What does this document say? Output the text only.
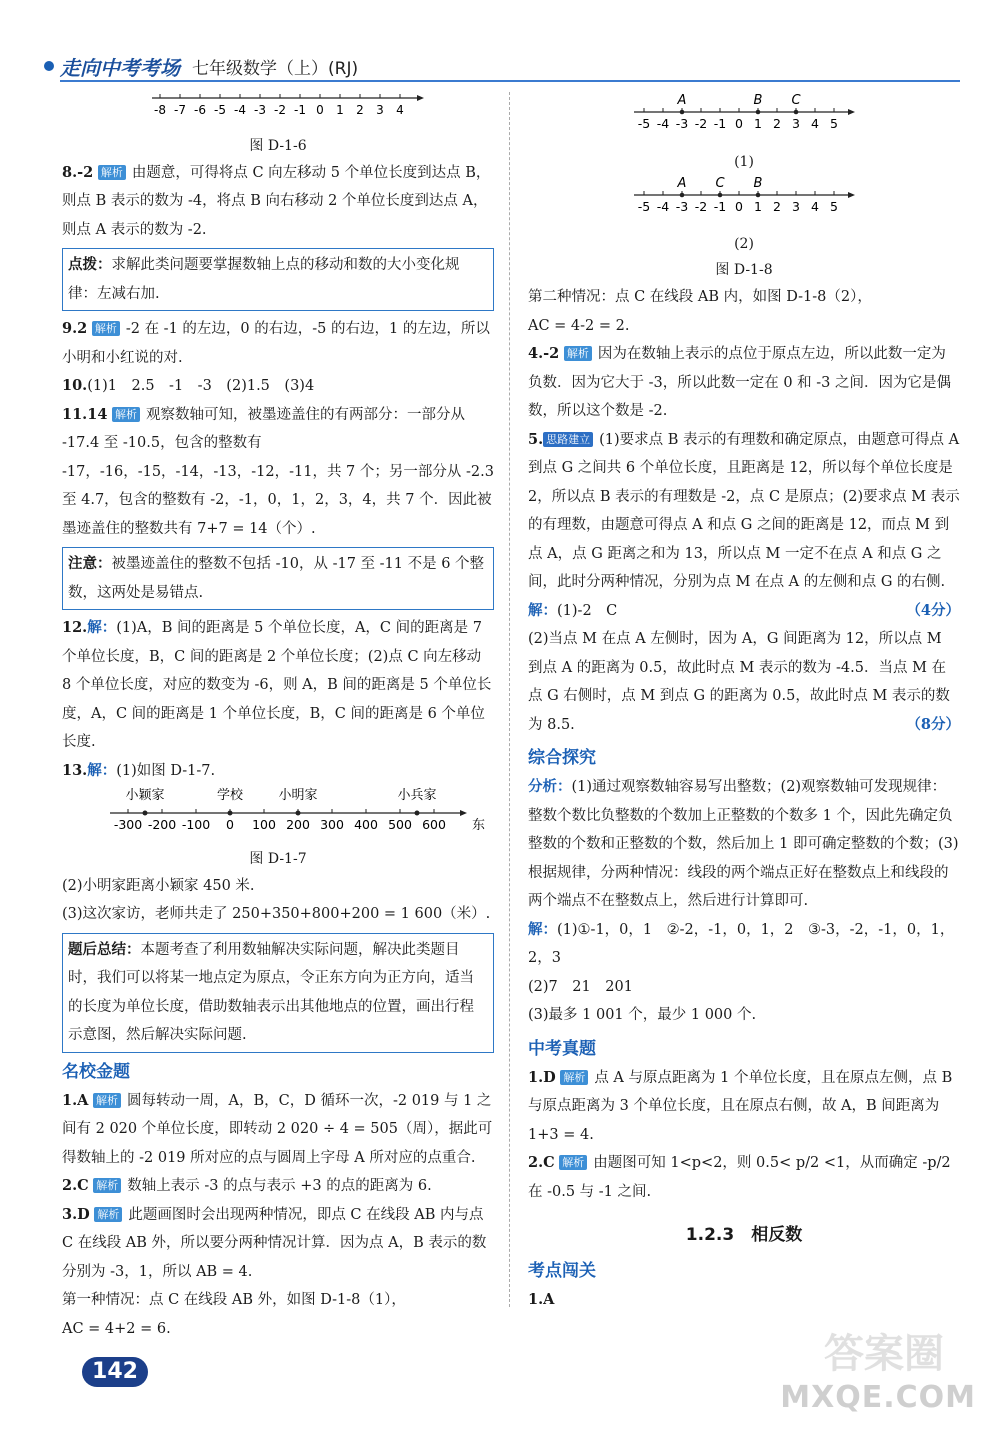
走向中考考场 七年级数学（上）(RJ)
-8 -7 -6 -5 -4 -3 -2 -1 0 1 2 3 4
图 D-1-6

8.-2 解析 由题意，可得将点 C 向左移动 5 个单位长度到达点 B，则点 B 表示的数为 -4，将点 B 向右移动 2 个单位长度到达点 A，则点 A 表示的数为 -2.

点拨：求解此类问题要掌握数轴上点的移动和数的大小变化规律：左减右加.

9.2 解析 -2 在 -1 的左边，0 的右边，-5 的右边，1 的左边，所以小明和小红说的对.

10.(1)1　2.5　-1　-3　(2)1.5　(3)4

11.14 解析 观察数轴可知，被墨迹盖住的有两部分：一部分从 -17.4 至 -10.5，包含的整数有 -17，-16，-15，-14，-13，-12，-11，共 7 个；另一部分从 -2.3 至 4.7，包含的整数有 -2，-1，0，1，2，3，4，共 7 个．因此被墨迹盖住的整数共有 7+7 = 14（个）.

注意：被墨迹盖住的整数不包括 -10，从 -17 至 -11 不是 6 个整数，这两处是易错点.

12.解：(1)A，B 间的距离是 5 个单位长度，A，C 间的距离是 7 个单位长度，B，C 间的距离是 2 个单位长度；(2)点 C 向左移动 8 个单位长度，对应的数变为 -6，则 A，B 间的距离是 5 个单位长度，A，C 间的距离是 1 个单位长度，B，C 间的距离是 6 个单位长度.

13.解：(1)如图 D-1-7.

-300 -200 -100 0 100 200 300 400 500 600 东
小颖家	学校	小明家	小兵家
图 D-1-7

(2)小明家距离小颖家 450 米.

(3)这次家访，老师共走了 250+350+800+200 = 1 600（米）.

题后总结：本题考查了利用数轴解决实际问题，解决此类题目时，我们可以将某一地点定为原点，令正东方向为正方向，适当的长度为单位长度，借助数轴表示出其他地点的位置，画出行程示意图，然后解决实际问题.
名校金题

1.A 解析 圆每转动一周，A，B，C，D 循环一次，-2 019 与 1 之间有 2 020 个单位长度，即转动 2 020 ÷ 4 = 505（周），据此可得数轴上的 -2 019 所对应的点与圆周上字母 A 所对应的点重合.

2.C 解析 数轴上表示 -3 的点与表示 +3 的点的距离为 6.

3.D 解析 此题画图时会出现两种情况，即点 C 在线段 AB 内与点 C 在线段 AB 外，所以要分两种情况计算．因为点 A，B 表示的数分别为 -3，1，所以 AB = 4.

第一种情况：点 C 在线段 AB 外，如图 D-1-8（1），

AC = 4+2 = 6.

-5 -4 -3 -2 -1 0 1 2 3 4 5
A	B C
(1)
-5 -4 -3 -2 -1 0 1 2 3 4 5
A C B
(2)
图 D-1-8

第二种情况：点 C 在线段 AB 内，如图 D-1-8（2），

AC = 4-2 = 2.

4.-2 解析 因为在数轴上表示的点位于原点左边，所以此数一定为负数．因为它大于 -3，所以此数一定在 0 和 -3 之间．因为它是偶数，所以这个数是 -2.

5. 思路建立 (1)要求点 B 表示的有理数和确定原点，由题意可得点 A 到点 G 之间共 6 个单位长度，且距离是 12，所以每个单位长度是 2，所以点 B 表示的有理数是 -2，点 C 是原点；(2)要求点 M 表示的有理数，由题意可得点 A 和点 G 之间的距离是 12，而点 M 到点 A，点 G 距离之和为 13，所以点 M 一定不在点 A 和点 G 之间，此时分两种情况，分别为点 M 在点 A 的左侧和点 G 的右侧.

解：(1)-2　C	（4分）

(2)当点 M 在点 A 左侧时，因为 A，G 间距离为 12，所以点 M 到点 A 的距离为 0.5，故此时点 M 表示的数为 -4.5．当点 M 在点 G 右侧时，点 M 到点 G 的距离为 0.5，故此时点 M 表示的数为 8.5.	（8分）

综合探究

分析：(1)通过观察数轴容易写出整数；(2)观察数轴可发现规律：整数个数比负整数的个数加上正整数的个数多 1 个，因此先确定负整数的个数和正整数的个数，然后加上 1 即可确定整数的个数；(3)根据规律，分两种情况：线段的两个端点正好在整数点上和线段的两个端点不在整数点上，然后进行计算即可.

解：(1)①-1，0，1　②-2，-1，0，1，2　③-3，-2，-1，0，1，2，3

(2)7　21　201

(3)最多 1 001 个，最少 1 000 个.

中考真题

1.D 解析 点 A 与原点距离为 1 个单位长度，且在原点左侧，点 B 与原点距离为 3 个单位长度，且在原点右侧，故 A，B 间距离为 1+3 = 4.

2.C 解析 由题图可知 1<p<2，则 0.5< p/2 <1，从而确定 -p/2 在 -0.5 与 -1 之间.

1.2.3　相反数
考点闯关

1.A

142	答案圈
MXQE.COM
